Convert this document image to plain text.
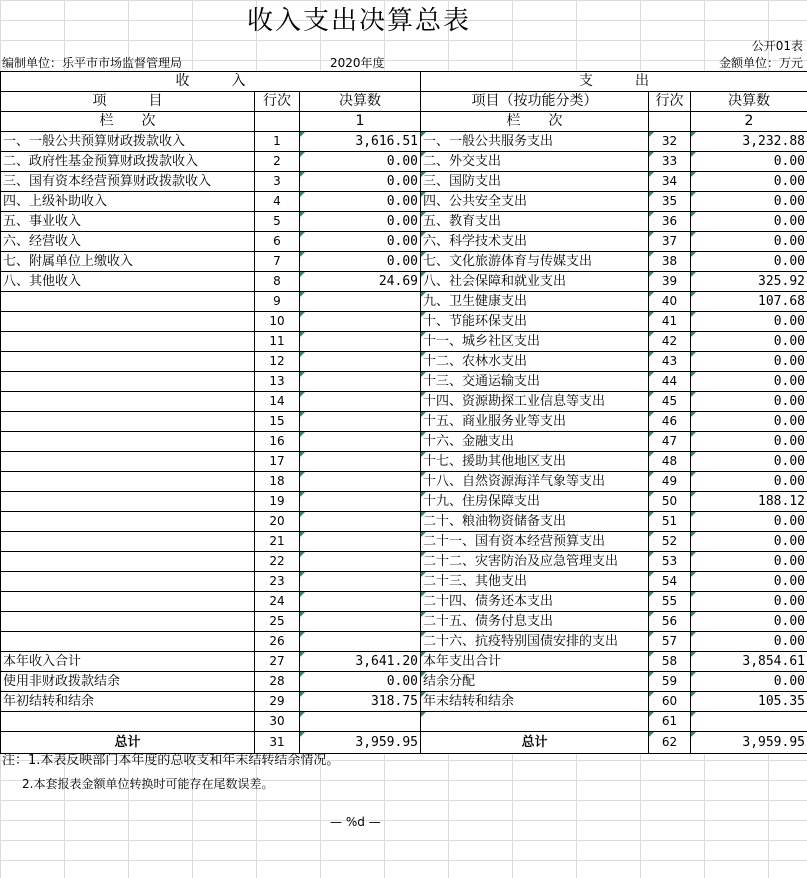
收入支出决算总表
公开01表
编制单位：乐平市市场监督管理局	2020年度	金额单位：万元
收　　　入			支　　　出		
项　　　目	行次	决算数	项目（按功能分类）	行次	决算数
栏　　次		1	栏　　次		2
一、一般公共预算财政拨款收入	1	3,616.51	一、一般公共服务支出	32	3,232.88
二、政府性基金预算财政拨款收入	2	0.00	二、外交支出	33	0.00
三、国有资本经营预算财政拨款收入	3	0.00	三、国防支出	34	0.00
四、上级补助收入	4	0.00	四、公共安全支出	35	0.00
五、事业收入	5	0.00	五、教育支出	36	0.00
六、经营收入	6	0.00	六、科学技术支出	37	0.00
七、附属单位上缴收入	7	0.00	七、文化旅游体育与传媒支出	38	0.00
八、其他收入	8	24.69	八、社会保障和就业支出	39	325.92
	9		九、卫生健康支出	40	107.68
	10		十、节能环保支出	41	0.00
	11		十一、城乡社区支出	42	0.00
	12		十二、农林水支出	43	0.00
	13		十三、交通运输支出	44	0.00
	14		十四、资源勘探工业信息等支出	45	0.00
	15		十五、商业服务业等支出	46	0.00
	16		十六、金融支出	47	0.00
	17		十七、援助其他地区支出	48	0.00
	18		十八、自然资源海洋气象等支出	49	0.00
	19		十九、住房保障支出	50	188.12
	20		二十、粮油物资储备支出	51	0.00
	21		二十一、国有资本经营预算支出	52	0.00
	22		二十二、灾害防治及应急管理支出	53	0.00
	23		二十三、其他支出	54	0.00
	24		二十四、债务还本支出	55	0.00
	25		二十五、债务付息支出	56	0.00
	26		二十六、抗疫特别国债安排的支出	57	0.00
本年收入合计	27	3,641.20	本年支出合计	58	3,854.61
使用非财政拨款结余	28	0.00	结余分配	59	0.00
年初结转和结余	29	318.75	年末结转和结余	60	105.35
	30			61	
总计	31	3,959.95	总计	62	3,959.95
注：1.本表反映部门本年度的总收支和年末结转结余情况。
2.本套报表金额单位转换时可能存在尾数误差。
— %d —
